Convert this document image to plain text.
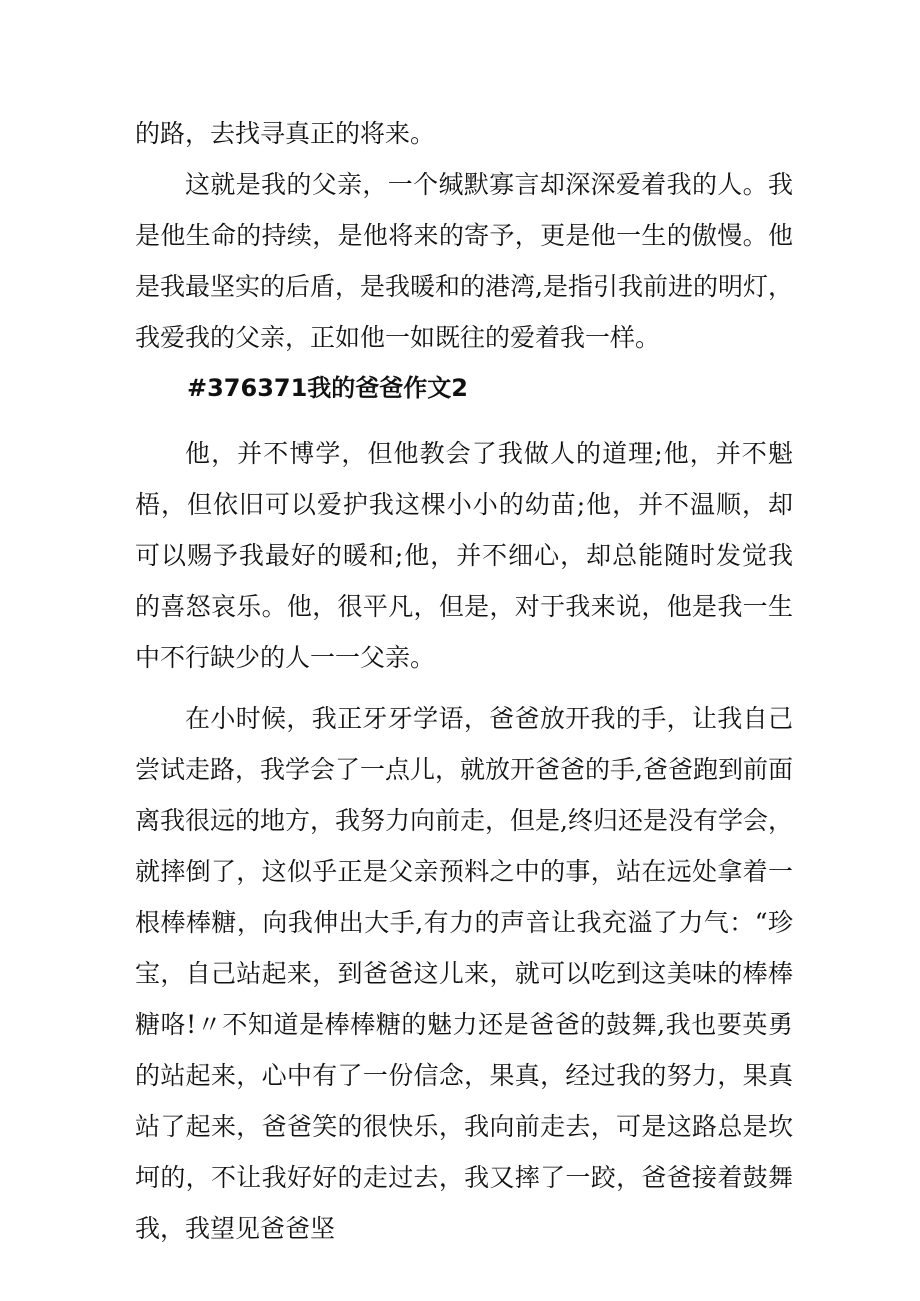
的路，去找寻真正的将来。

这就是我的父亲，一个缄默寡言却深深爱着我的人。我是他生命的持续，是他将来的寄予，更是他一生的傲慢。他是我最坚实的后盾，是我暖和的港湾,是指引我前进的明灯，我爱我的父亲，正如他一如既往的爱着我一样。

#376371我的爸爸作文2

他，并不博学，但他教会了我做人的道理;他，并不魁梧，但依旧可以爱护我这棵小小的幼苗;他，并不温顺，却可以赐予我最好的暖和;他，并不细心，却总能随时发觉我的喜怒哀乐。他，很平凡，但是，对于我来说，他是我一生中不行缺少的人一一父亲。

在小时候，我正牙牙学语，爸爸放开我的手，让我自己尝试走路，我学会了一点儿，就放开爸爸的手,爸爸跑到前面离我很远的地方，我努力向前走，但是,终归还是没有学会，就摔倒了，这似乎正是父亲预料之中的事，站在远处拿着一根棒棒糖，向我伸出大手,有力的声音让我充溢了力气：“珍宝，自己站起来，到爸爸这儿来，就可以吃到这美味的棒棒糖咯!〃不知道是棒棒糖的魅力还是爸爸的鼓舞,我也要英勇的站起来，心中有了一份信念，果真，经过我的努力，果真站了起来，爸爸笑的很快乐，我向前走去，可是这路总是坎坷的，不让我好好的走过去，我又摔了一跤，爸爸接着鼓舞我，我望见爸爸坚
